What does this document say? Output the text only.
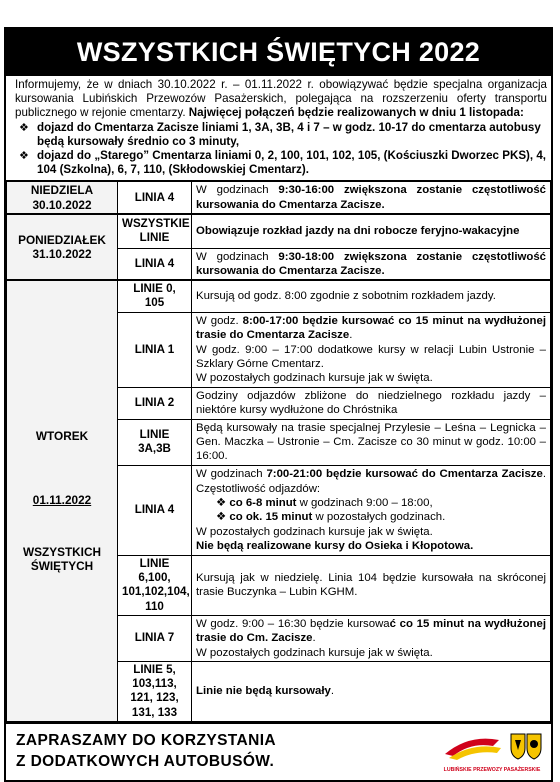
WSZYSTKICH ŚWIĘTYCH 2022
Informujemy, że w dniach 30.10.2022 r. – 01.11.2022 r. obowiązywać będzie specjalna organizacja kursowania Lubińskich Przewozów Pasażerskich, polegająca na rozszerzeniu oferty transportu publicznego w rejonie cmentarzy. Najwięcej połączeń będzie realizowanych w dniu 1 listopada:
❖ dojazd do Cmentarza Zacisze liniami 1, 3A, 3B, 4 i 7 – w godz. 10-17 do cmentarza autobusy będą kursowały średnio co 3 minuty,
❖ dojazd do „Starego” Cmentarza liniami 0, 2, 100, 101, 102, 105, (Kościuszki Dworzec PKS), 4, 104 (Szkolna), 6, 7, 110, (Skłodowskiej Cmentarz).
NIEDZIELA
30.10.2022	LINIA 4	W godzinach 9:30-16:00 zwiększona zostanie częstotliwość kursowania do Cmentarza Zacisze.

PONIEDZIAŁEK
31.10.2022	WSZYSTKIE LINIE	Obowiązuje rozkład jazdy na dni robocze feryjno-wakacyjne
	LINIA 4	W godzinach 9:30-18:00 zwiększona zostanie częstotliwość kursowania do Cmentarza Zacisze.

WTOREK
01.11.2022
WSZYSTKICH ŚWIĘTYCH	LINIE 0, 105	Kursują od godz. 8:00 zgodnie z sobotnim rozkładem jazdy.
	LINIA 1	W godz. 8:00-17:00 będzie kursować co 15 minut na wydłużonej trasie do Cmentarza Zacisze.
W godz. 9:00 – 17:00 dodatkowe kursy w relacji Lubin Ustronie – Szklary Górne Cmentarz.
W pozostałych godzinach kursuje jak w święta.

	LINIA 2	Godziny odjazdów zbliżone do niedzielnego rozkładu jazdy – niektóre kursy wydłużone do Chróstnika
	LINIE 3A,3B	Będą kursowały na trasie specjalnej Przylesie – Leśna – Legnicka – Gen. Maczka – Ustronie – Cm. Zacisze co 30 minut w godz. 10:00 – 16:00.
	LINIA 4	W godzinach 7:00-21:00 będzie kursować do Cmentarza Zacisze. Częstotliwość odjazdów:
❖ co 6-8 minut w godzinach 9:00 – 18:00,
❖ co ok. 15 minut w pozostałych godzinach.
W pozostałych godzinach kursuje jak w święta.
Nie będą realizowane kursy do Osieka i Kłopotowa.

	LINIE 6,100, 101,102,104, 110	Kursują jak w niedzielę. Linia 104 będzie kursowała na skróconej trasie Buczynka – Lubin KGHM.
	LINIA 7	W godz. 9:00 – 16:30 będzie kursować co 15 minut na wydłużonej trasie do Cm. Zacisze.
W pozostałych godzinach kursuje jak w święta.

	LINIE 5, 103,113, 121, 123, 131, 133	Linie nie będą kursowały.
ZAPRASZAMY DO KORZYSTANIA
Z DODATKOWYCH AUTOBUSÓW.	LUBIŃSKIE PRZEWOZY PASAŻERSKIE
